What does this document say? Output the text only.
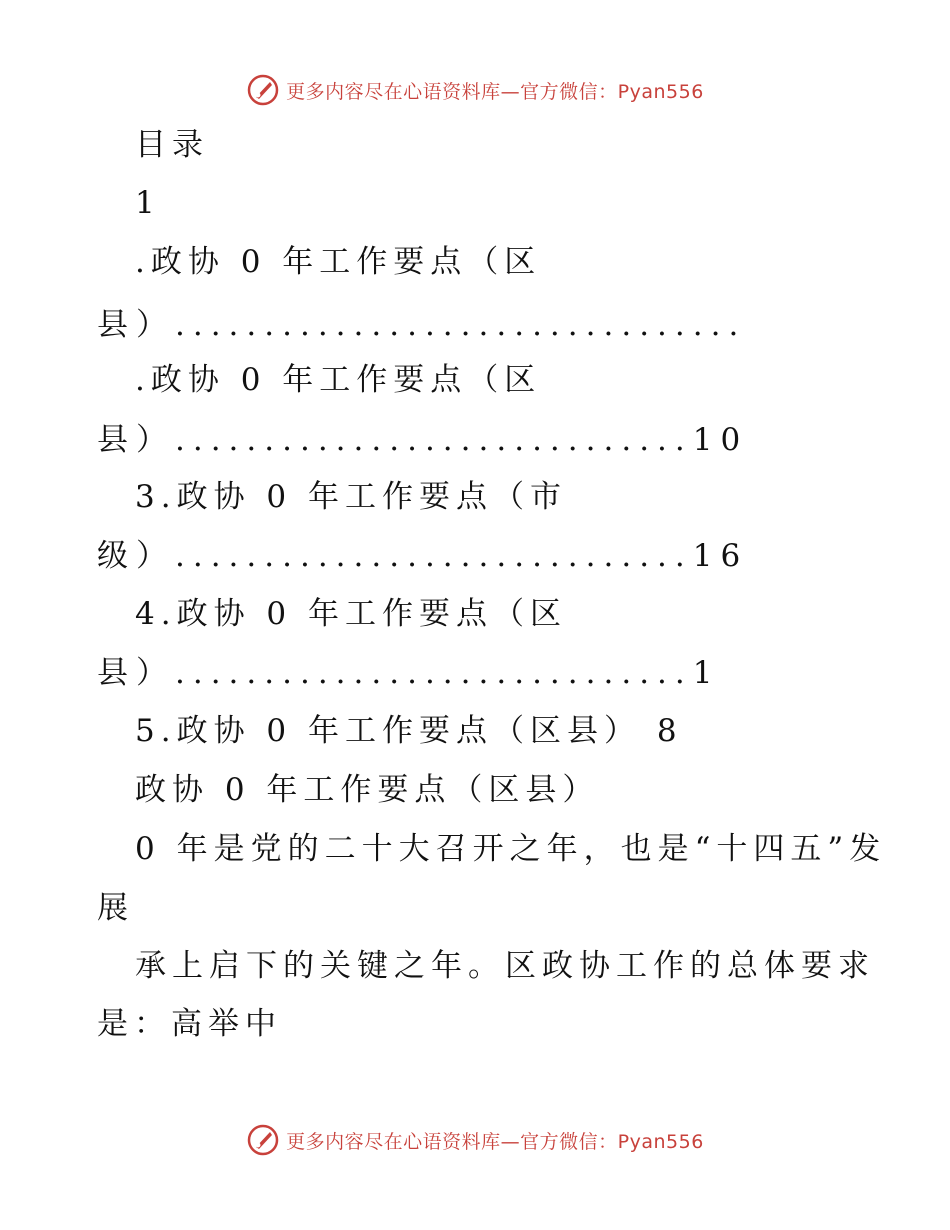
更多内容尽在心语资料库—官方微信：Pyan556
目录
1
.政协 0 年工作要点（区
县）................................
.政协 0 年工作要点（区
县）.............................10
3.政协 0 年工作要点（市
级）.............................16
4.政协 0 年工作要点（区
县）.............................1
5.政协 0 年工作要点（区县） 8
政协 0 年工作要点（区县）
0 年是党的二十大召开之年，也是“十四五”发
展
承上启下的关键之年。区政协工作的总体要求
是：高举中
更多内容尽在心语资料库—官方微信：Pyan556
